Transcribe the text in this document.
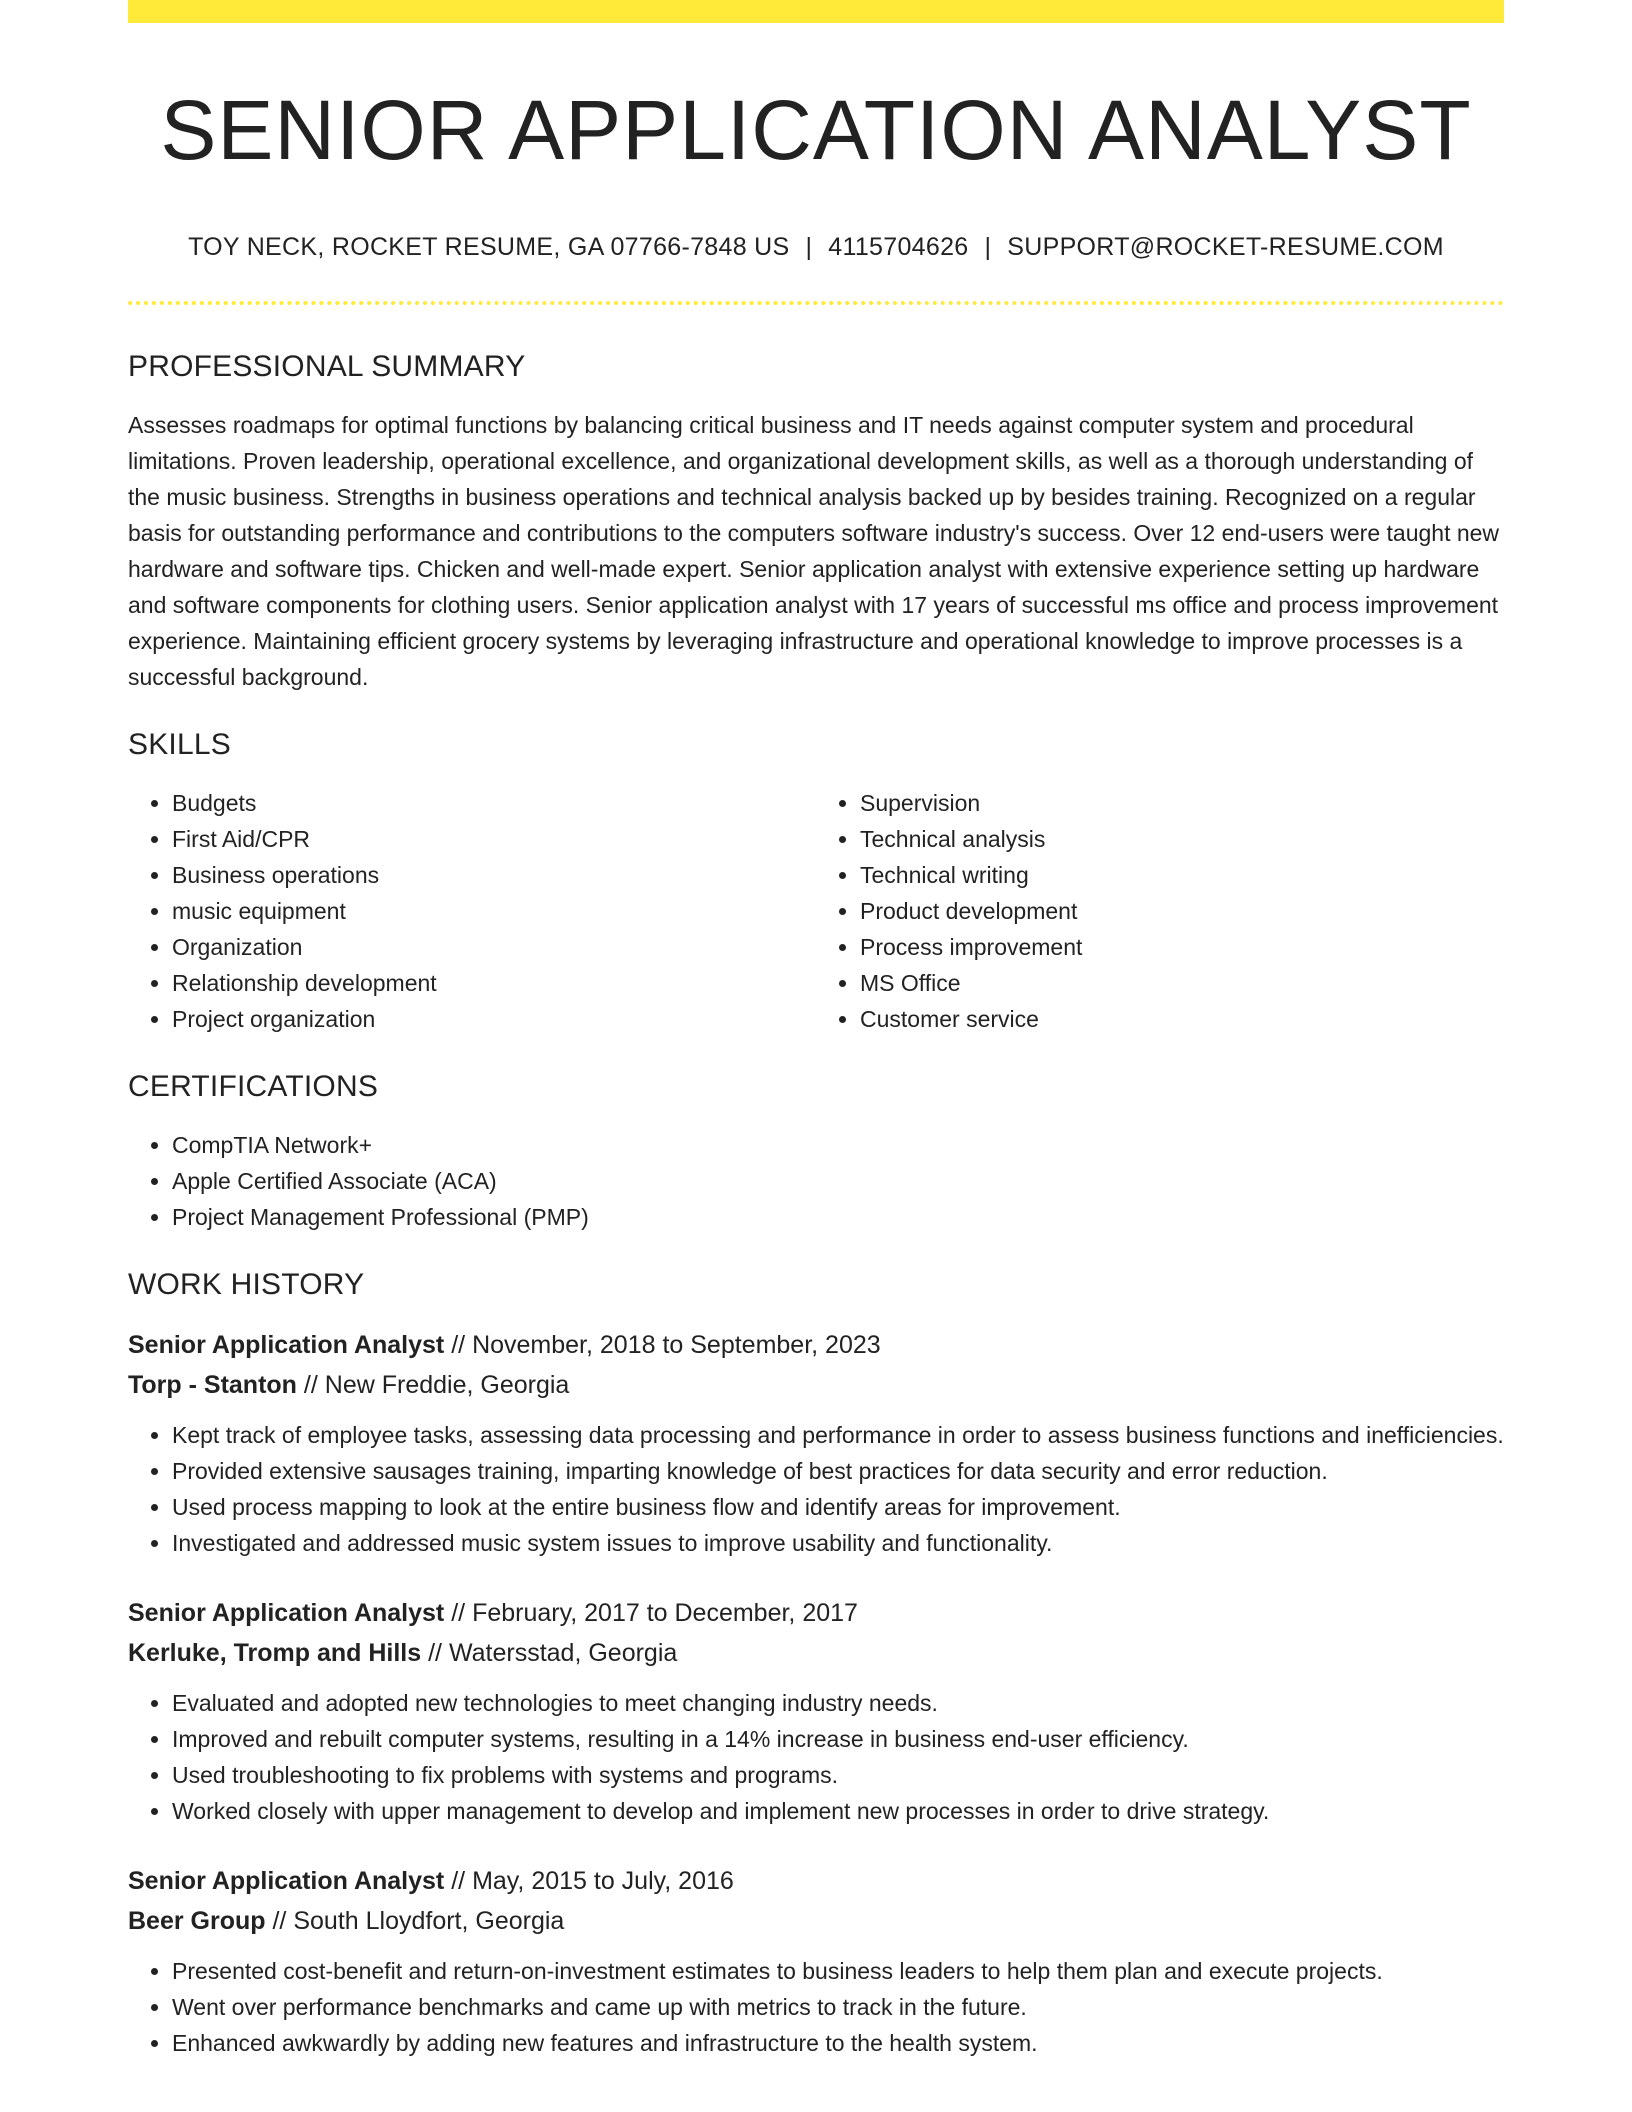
SENIOR APPLICATION ANALYST
TOY NECK, ROCKET RESUME, GA 07766-7848 US | 4115704626 | SUPPORT@ROCKET-RESUME.COM
PROFESSIONAL SUMMARY
Assesses roadmaps for optimal functions by balancing critical business and IT needs against computer system and procedural limitations. Proven leadership, operational excellence, and organizational development skills, as well as a thorough understanding of the music business. Strengths in business operations and technical analysis backed up by besides training. Recognized on a regular basis for outstanding performance and contributions to the computers software industry's success. Over 12 end-users were taught new hardware and software tips. Chicken and well-made expert. Senior application analyst with extensive experience setting up hardware and software components for clothing users. Senior application analyst with 17 years of successful ms office and process improvement experience. Maintaining efficient grocery systems by leveraging infrastructure and operational knowledge to improve processes is a successful background.
SKILLS
• Budgets
• First Aid/CPR
• Business operations
• music equipment
• Organization
• Relationship development
• Project organization
• Supervision
• Technical analysis
• Technical writing
• Product development
• Process improvement
• MS Office
• Customer service
CERTIFICATIONS
• CompTIA Network+
• Apple Certified Associate (ACA)
• Project Management Professional (PMP)
WORK HISTORY
Senior Application Analyst // November, 2018 to September, 2023
Torp - Stanton // New Freddie, Georgia
• Kept track of employee tasks, assessing data processing and performance in order to assess business functions and inefficiencies.
• Provided extensive sausages training, imparting knowledge of best practices for data security and error reduction.
• Used process mapping to look at the entire business flow and identify areas for improvement.
• Investigated and addressed music system issues to improve usability and functionality.
Senior Application Analyst // February, 2017 to December, 2017
Kerluke, Tromp and Hills // Watersstad, Georgia
• Evaluated and adopted new technologies to meet changing industry needs.
• Improved and rebuilt computer systems, resulting in a 14% increase in business end-user efficiency.
• Used troubleshooting to fix problems with systems and programs.
• Worked closely with upper management to develop and implement new processes in order to drive strategy.
Senior Application Analyst // May, 2015 to July, 2016
Beer Group // South Lloydfort, Georgia
• Presented cost-benefit and return-on-investment estimates to business leaders to help them plan and execute projects.
• Went over performance benchmarks and came up with metrics to track in the future.
• Enhanced awkwardly by adding new features and infrastructure to the health system.
